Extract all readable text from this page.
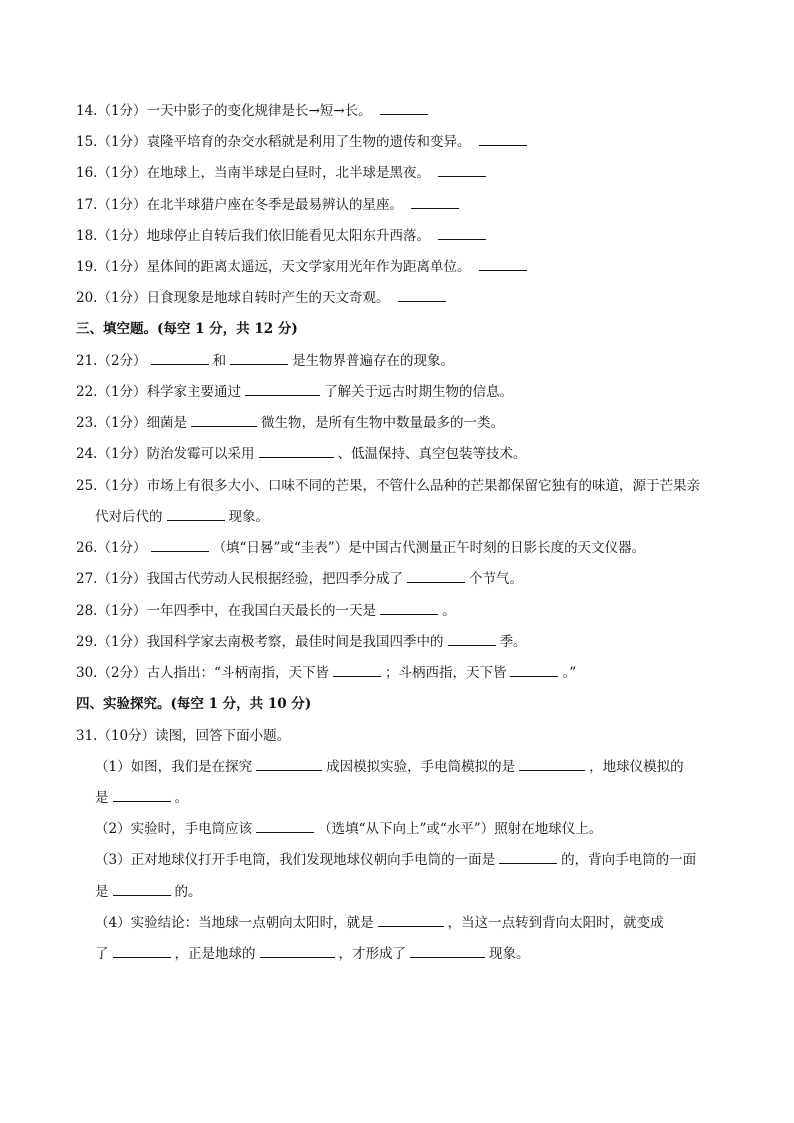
14.（1分）一天中影子的变化规律是长→短→长。
15.（1分）袁隆平培育的杂交水稻就是利用了生物的遗传和变异。
16.（1分）在地球上，当南半球是白昼时，北半球是黑夜。
17.（1分）在北半球猎户座在冬季是最易辨认的星座。
18.（1分）地球停止自转后我们依旧能看见太阳东升西落。
19.（1分）星体间的距离太遥远，天文学家用光年作为距离单位。
20.（1分）日食现象是地球自转时产生的天文奇观。
三、填空题。(每空 1 分，共 12 分)
21.（2分）	和	是生物界普遍存在的现象。
22.（1分）科学家主要通过	了解关于远古时期生物的信息。
23.（1分）细菌是	微生物，是所有生物中数量最多的一类。
24.（1分）防治发霉可以采用	、低温保持、真空包装等技术。
25.（1分）市场上有很多大小、口味不同的芒果，不管什么品种的芒果都保留它独有的味道，源于芒果亲
代对后代的	现象。
26.（1分）	（填“日晷”或“圭表”）是中国古代测量正午时刻的日影长度的天文仪器。
27.（1分）我国古代劳动人民根据经验，把四季分成了	个节气。
28.（1分）一年四季中，在我国白天最长的一天是	。
29.（1分）我国科学家去南极考察，最佳时间是我国四季中的	季。
30.（2分）古人指出：“斗柄南指，天下皆	；斗柄西指，天下皆	。”
四、实验探究。(每空 1 分，共 10 分)
31.（10分）读图，回答下面小题。
（1）如图，我们是在探究	成因模拟实验，手电筒模拟的是	，地球仪模拟的
是	。
（2）实验时，手电筒应该	（选填“从下向上”或“水平”）照射在地球仪上。
（3）正对地球仪打开手电筒，我们发现地球仪朝向手电筒的一面是	的，背向手电筒的一面
是	的。
（4）实验结论：当地球一点朝向太阳时，就是	，当这一点转到背向太阳时，就变成
了	，正是地球的	，才形成了	现象。
